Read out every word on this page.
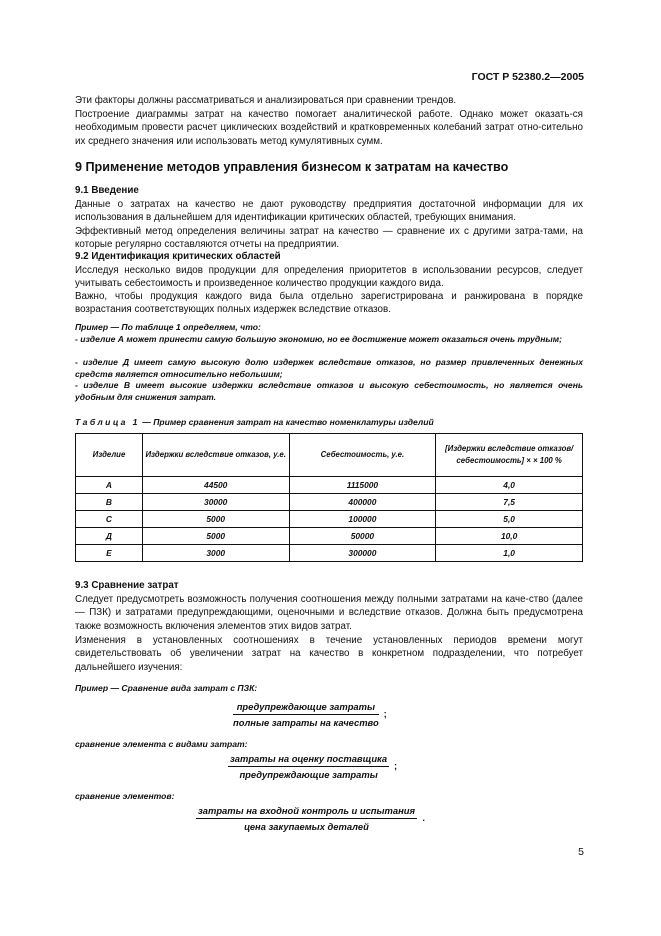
ГОСТ Р 52380.2—2005
Эти факторы должны рассматриваться и анализироваться при сравнении трендов.
Построение диаграммы затрат на качество помогает аналитической работе. Однако может оказать-ся необходимым провести расчет циклических воздействий и кратковременных колебаний затрат отно-сительно их среднего значения или использовать метод кумулятивных сумм.
9 Применение методов управления бизнесом к затратам на качество
9.1 Введение
Данные о затратах на качество не дают руководству предприятия достаточной информации для их использования в дальнейшем для идентификации критических областей, требующих внимания.
Эффективный метод определения величины затрат на качество — сравнение их с другими затра-тами, на которые регулярно составляются отчеты на предприятии.
9.2 Идентификация критических областей
Исследуя несколько видов продукции для определения приоритетов в использовании ресурсов, следует учитывать себестоимость и произведенное количество продукции каждого вида.
Важно, чтобы продукция каждого вида была отдельно зарегистрирована и ранжирована в порядке возрастания соответствующих полных издержек вследствие отказов.
Пример — По таблице 1 определяем, что:
- изделие А может принести самую большую экономию, но ее достижение может оказаться очень трудным;
- изделие Д имеет самую высокую долю издержек вследствие отказов, но размер привлеченных денежных средств является относительно небольшим;
- изделие В имеет высокие издержки вследствие отказов и высокую себестоимость, но является очень удобным для снижения затрат.
Таблица 1 — Пример сравнения затрат на качество номенклатуры изделий
Изделие	Издержки вследствие отказов, у.е.	Себестоимость, у.е.	[Издержки вследствие отказов/себестоимость] × × 100 %
А	44500	1115000	4,0
В	30000	400000	7,5
С	5000	100000	5,0
Д	5000	50000	10,0
Е	3000	300000	1,0
9.3 Сравнение затрат
Следует предусмотреть возможность получения соотношения между полными затратами на каче-ство (далее — ПЗК) и затратами предупреждающими, оценочными и вследствие отказов. Должна быть предусмотрена также возможность включения элементов этих видов затрат.
Изменения в установленных соотношениях в течение установленных периодов времени могут свидетельствовать об увеличении затрат на качество в конкретном подразделении, что потребует дальнейшего изучения:
Пример — Сравнение вида затрат с ПЗК:
предупреждающие затраты
полные затраты на качество
;
сравнение элемента с видами затрат:
затраты на оценку поставщика
предупреждающие затраты
;
сравнение элементов:
затраты на входной контроль и испытания
цена закупаемых деталей
.
5
